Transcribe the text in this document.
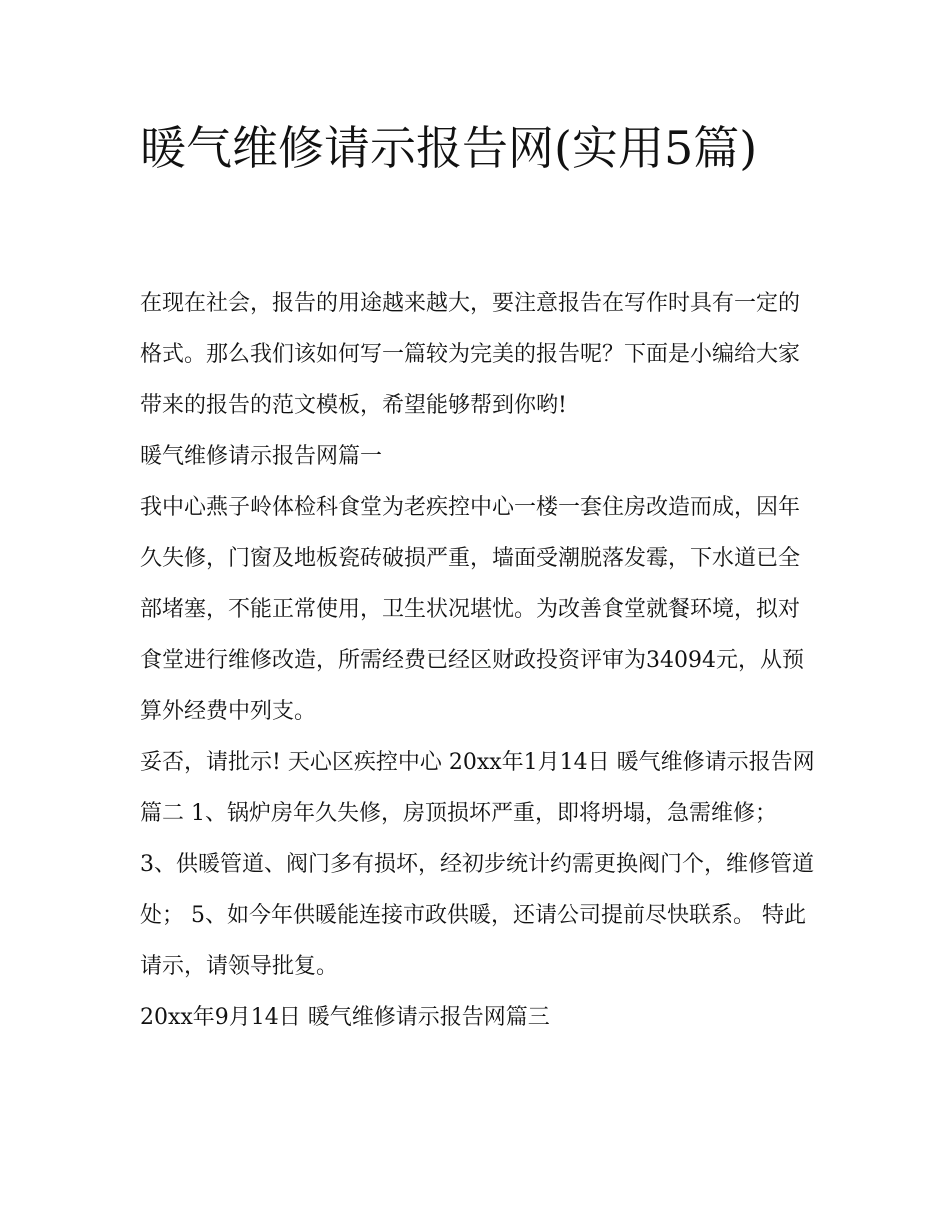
暖气维修请示报告网(实用5篇)

在现在社会，报告的用途越来越大，要注意报告在写作时具有一定的格式。那么我们该如何写一篇较为完美的报告呢？下面是小编给大家带来的报告的范文模板，希望能够帮到你哟!

暖气维修请示报告网篇一

我中心燕子岭体检科食堂为老疾控中心一楼一套住房改造而成，因年久失修，门窗及地板瓷砖破损严重，墙面受潮脱落发霉，下水道已全部堵塞，不能正常使用，卫生状况堪忧。为改善食堂就餐环境，拟对食堂进行维修改造，所需经费已经区财政投资评审为34094元，从预算外经费中列支。

妥否，请批示! 天心区疾控中心 20xx年1月14日 暖气维修请示报告网篇二 1、锅炉房年久失修，房顶损坏严重，即将坍塌，急需维修；

3、供暖管道、阀门多有损坏，经初步统计约需更换阀门个，维修管道处； 5、如今年供暖能连接市政供暖，还请公司提前尽快联系。 特此请示，请领导批复。

20xx年9月14日 暖气维修请示报告网篇三
